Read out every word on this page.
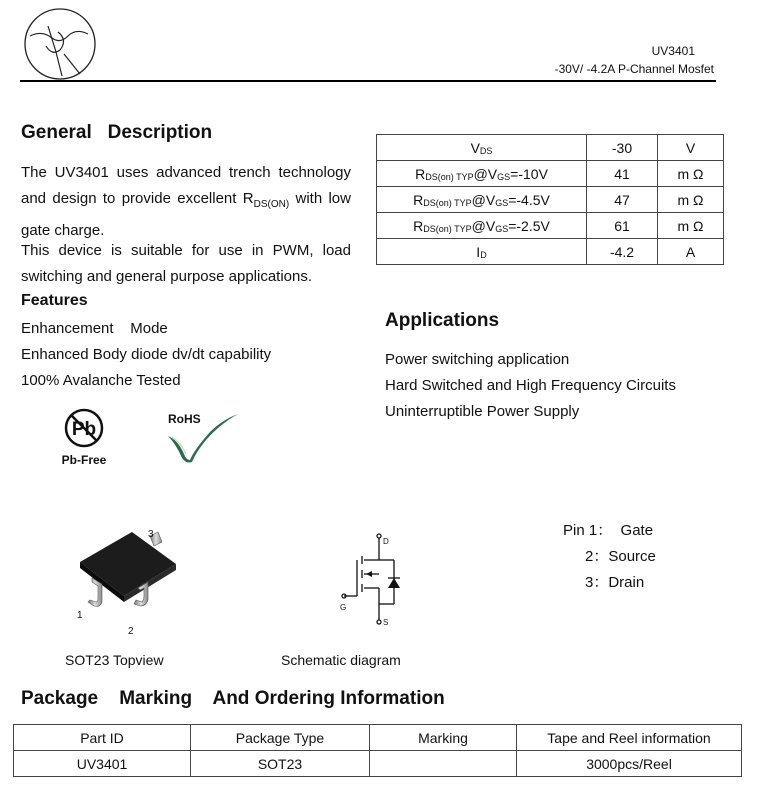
UV3401
-30V/ -4.2A P-Channel Mosfet
General   Description
The UV3401 uses advanced trench technology and design to provide excellent $R_{DS(ON)}$ with low gate charge.
This device is suitable for use in PWM, load switching and general purpose applications.
Features
Enhancement    Mode
Enhanced Body diode dv/dt capability
100% Avalanche Tested
$V_{DS}$	-30	V
$R_{DS(on) TYP}@V_{GS}=-10V$	41	m Ω
$R_{DS(on) TYP}@V_{GS}=-4.5V$	47	m Ω
$R_{DS(on) TYP}@V_{GS}=-2.5V$	61	m Ω
$I_D$	-4.2	A
Applications
Power switching application
Hard Switched and High Frequency Circuits
Uninterruptible Power Supply
Pb
Pb-Free
RoHS
3
1
2
SOT23 Topview
D
G
S
Schematic diagram
Pin 1： Gate
2：Source
3：Drain
Package    Marking    And Ordering Information
Part ID	Package Type	Marking	Tape and Reel information
UV3401	SOT23		3000pcs/Reel
